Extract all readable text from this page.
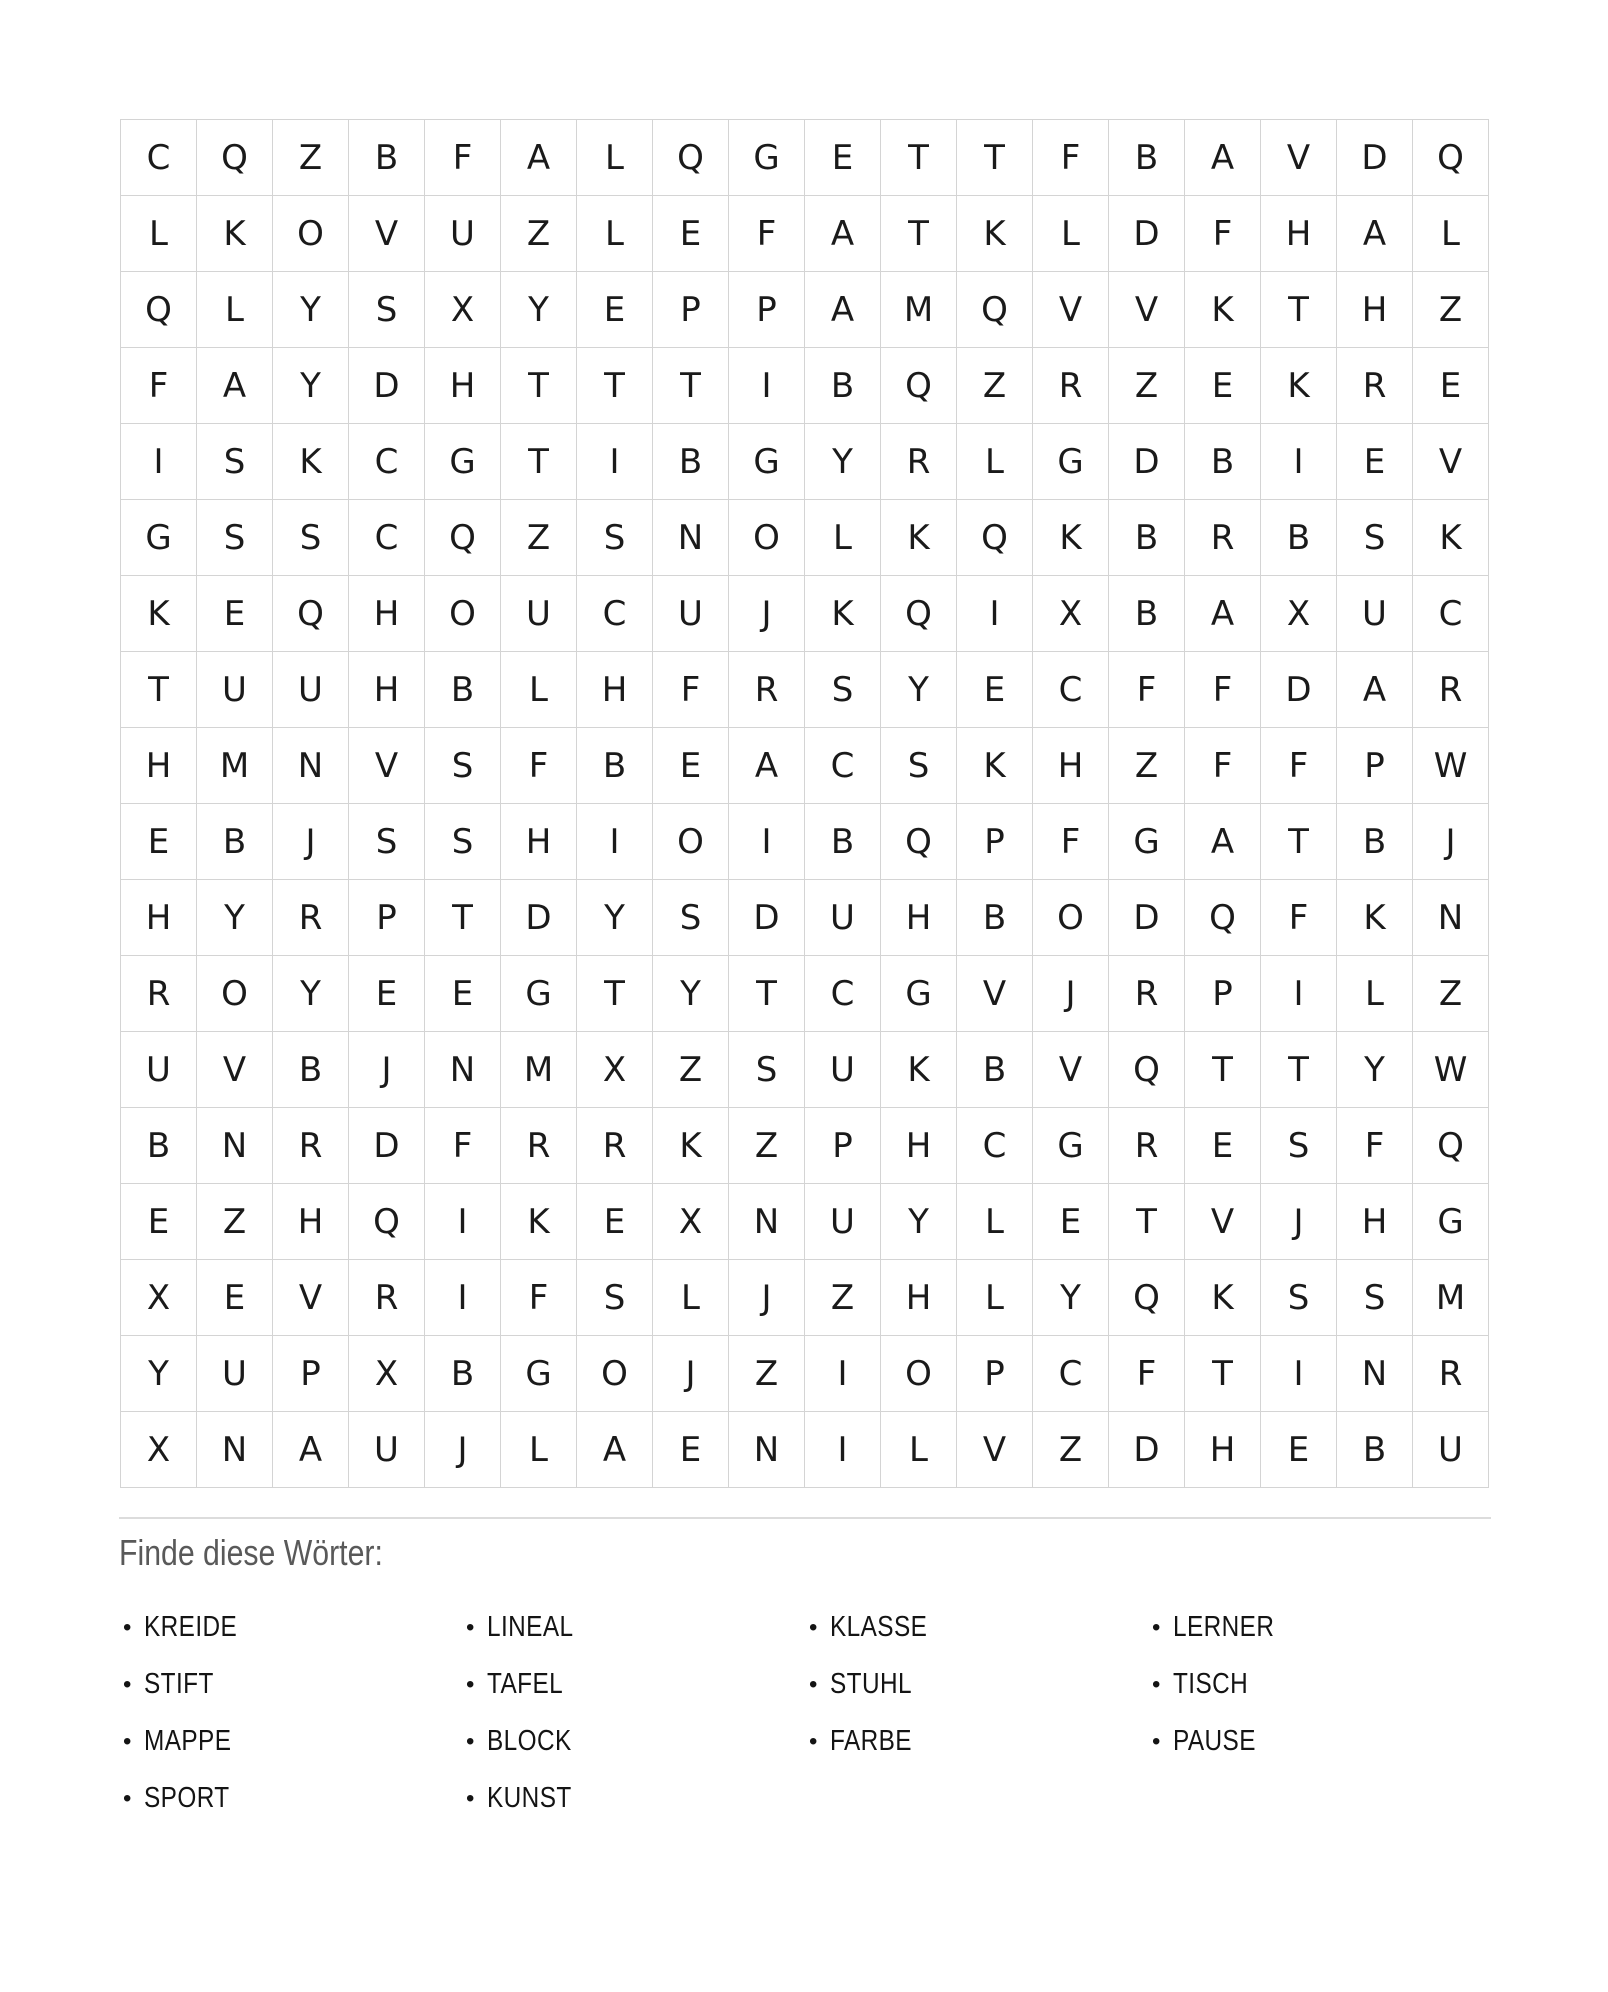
C	Q	Z	B	F	A	L	Q	G	E	T	T	F	B	A	V	D	Q
L	K	O	V	U	Z	L	E	F	A	T	K	L	D	F	H	A	L
Q	L	Y	S	X	Y	E	P	P	A	M	Q	V	V	K	T	H	Z
F	A	Y	D	H	T	T	T	I	B	Q	Z	R	Z	E	K	R	E
I	S	K	C	G	T	I	B	G	Y	R	L	G	D	B	I	E	V
G	S	S	C	Q	Z	S	N	O	L	K	Q	K	B	R	B	S	K
K	E	Q	H	O	U	C	U	J	K	Q	I	X	B	A	X	U	C
T	U	U	H	B	L	H	F	R	S	Y	E	C	F	F	D	A	R
H	M	N	V	S	F	B	E	A	C	S	K	H	Z	F	F	P	W
E	B	J	S	S	H	I	O	I	B	Q	P	F	G	A	T	B	J
H	Y	R	P	T	D	Y	S	D	U	H	B	O	D	Q	F	K	N
R	O	Y	E	E	G	T	Y	T	C	G	V	J	R	P	I	L	Z
U	V	B	J	N	M	X	Z	S	U	K	B	V	Q	T	T	Y	W
B	N	R	D	F	R	R	K	Z	P	H	C	G	R	E	S	F	Q
E	Z	H	Q	I	K	E	X	N	U	Y	L	E	T	V	J	H	G
X	E	V	R	I	F	S	L	J	Z	H	L	Y	Q	K	S	S	M
Y	U	P	X	B	G	O	J	Z	I	O	P	C	F	T	I	N	R
X	N	A	U	J	L	A	E	N	I	L	V	Z	D	H	E	B	U
Finde diese Wörter:
• KREIDE
• STIFT
• MAPPE
• SPORT
• LINEAL
• TAFEL
• BLOCK
• KUNST
• KLASSE
• STUHL
• FARBE
• LERNER
• TISCH
• PAUSE
